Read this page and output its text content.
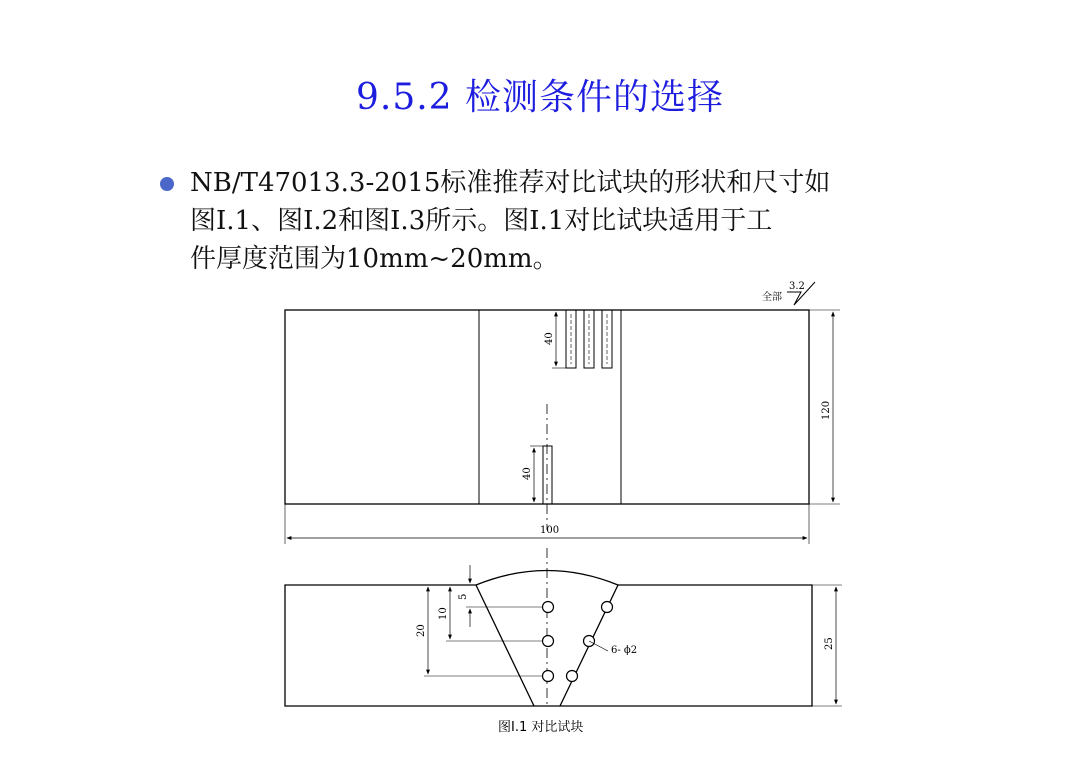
9.5.2 检测条件的选择
NB/T47013.3-2015标准推荐对比试块的形状和尺寸如
图I.1、图I.2和图I.3所示。图I.1对比试块适用于工
件厚度范围为10mm~20mm。
全部
3.2
40
40
120
100
6- ϕ2
5
10
20
25
图I.1 对比试块
